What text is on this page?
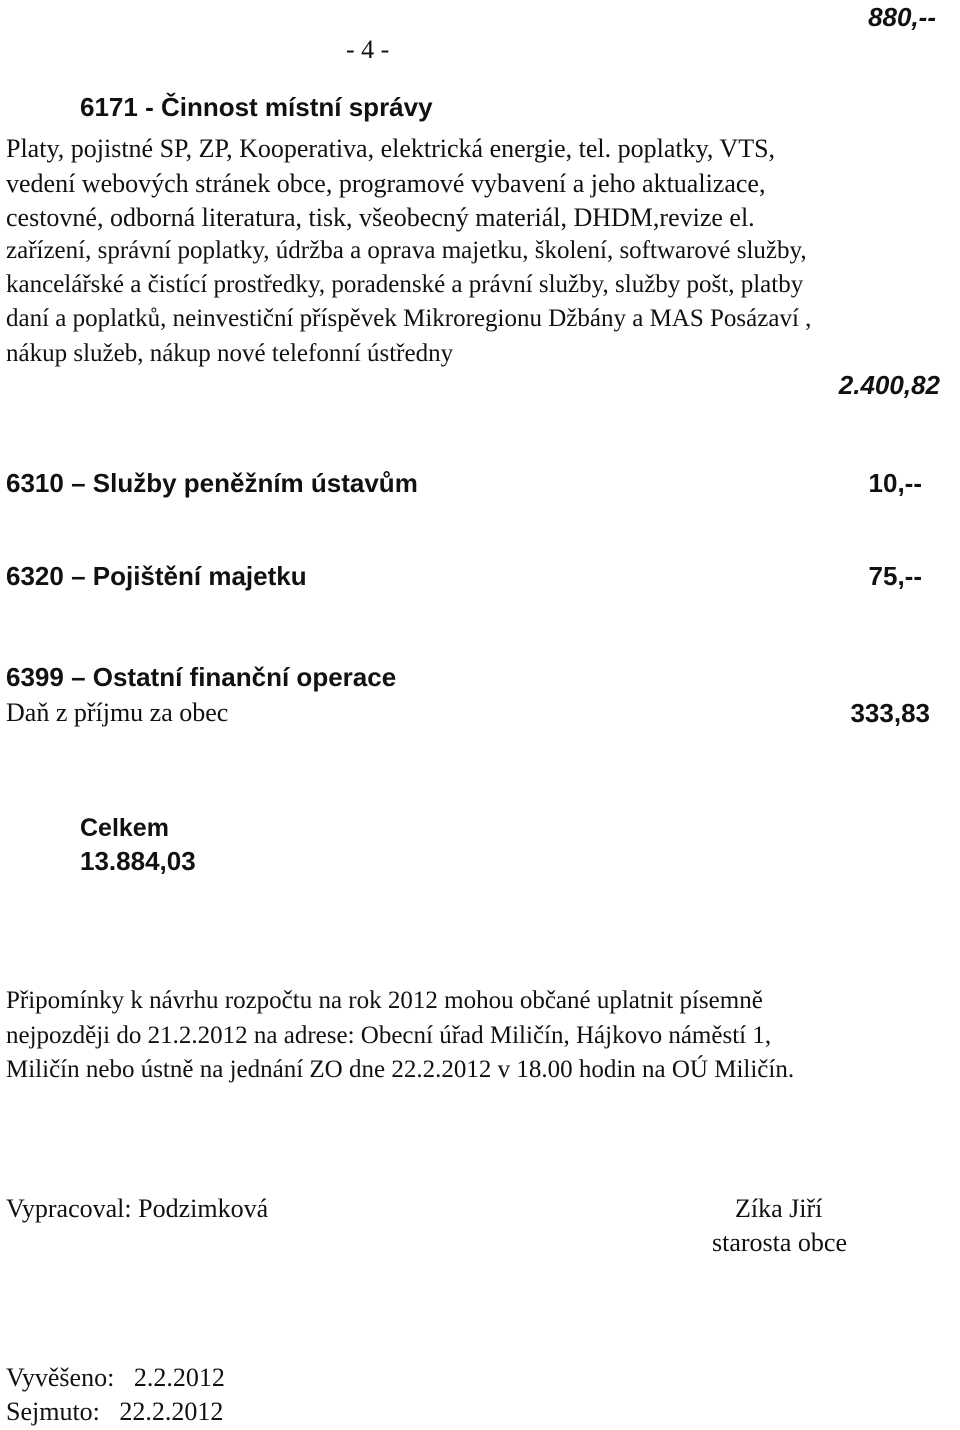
- 4 -
880,--
6171 - Činnost místní správy
Platy, pojistné SP, ZP, Kooperativa, elektrická energie, tel. poplatky, VTS,
vedení webových stránek obce, programové vybavení a jeho aktualizace,
cestovné, odborná literatura, tisk, všeobecný materiál, DHDM,revize el.
zařízení, správní poplatky, údržba a oprava majetku, školení, softwarové služby,
kancelářské a čistící prostředky, poradenské a právní služby, služby pošt, platby
daní a poplatků, neinvestiční příspěvek Mikroregionu Džbány a MAS Posázaví ,
nákup služeb, nákup nové telefonní ústředny
2.400,82
6310 – Služby peněžním ústavům	10,--
6320 – Pojištění majetku	75,--
6399 – Ostatní finanční operace
Daň z příjmu za obec	333,83
Celkem
13.884,03
Připomínky k návrhu rozpočtu na rok 2012 mohou občané uplatnit písemně
nejpozději do 21.2.2012 na adrese: Obecní úřad Miličín, Hájkovo náměstí 1,
Miličín nebo ústně na jednání ZO dne 22.2.2012 v 18.00 hodin na OÚ Miličín.
Vypracoval: Podzimková	Zíka Jiří
starosta obce
Vyvěšeno:   2.2.2012
Sejmuto:   22.2.2012
